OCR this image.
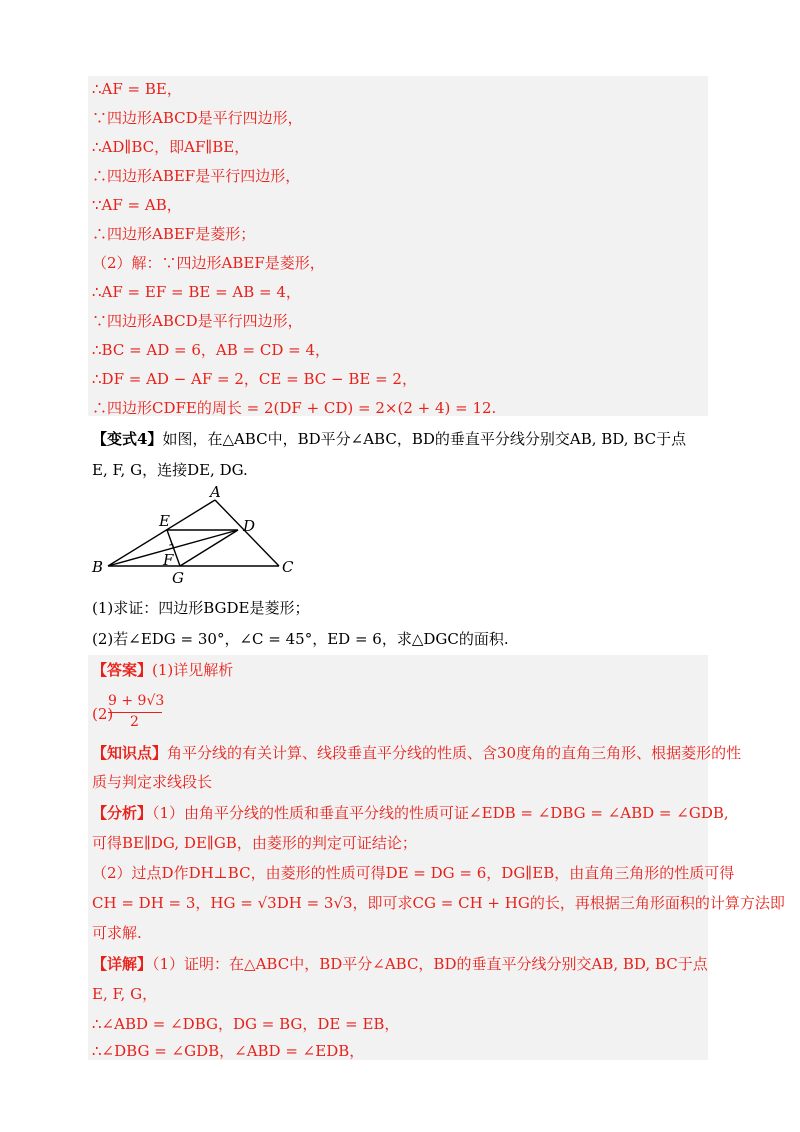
∴AF = BE，
∵四边形ABCD是平行四边形，
∴AD∥BC，即AF∥BE，
∴四边形ABEF是平行四边形，
∵AF = AB，
∴四边形ABEF是菱形；
（2）解：∵四边形ABEF是菱形，
∴AF = EF = BE = AB = 4，
∵四边形ABCD是平行四边形，
∴BC = AD = 6，AB = CD = 4，
∴DF = AD − AF = 2，CE = BC − BE = 2，
∴四边形CDFE的周长 = 2(DF + CD) = 2×(2 + 4) = 12.
【变式4】如图，在△ABC中，BD平分∠ABC，BD的垂直平分线分别交AB, BD, BC于点
E, F, G，连接DE, DG.
A
E	D
F
B
G
C
(1)求证：四边形BGDE是菱形；
(2)若∠EDG = 30°，∠C = 45°，ED = 6，求△DGC的面积.
【答案】(1)详见解析
(2)
9 + 9√3
2
【知识点】角平分线的有关计算、线段垂直平分线的性质、含30度角的直角三角形、根据菱形的性
质与判定求线段长
【分析】（1）由角平分线的性质和垂直平分线的性质可证∠EDB = ∠DBG = ∠ABD = ∠GDB,
可得BE∥DG, DE∥GB，由菱形的判定可证结论；
（2）过点D作DH⊥BC，由菱形的性质可得DE = DG = 6，DG∥EB，由直角三角形的性质可得
CH = DH = 3，HG = √3DH = 3√3，即可求CG = CH + HG的长，再根据三角形面积的计算方法即
可求解.
【详解】（1）证明：在△ABC中，BD平分∠ABC，BD的垂直平分线分别交AB, BD, BC于点
E, F, G，
∴∠ABD = ∠DBG，DG = BG，DE = EB，
∴∠DBG = ∠GDB，∠ABD = ∠EDB，
